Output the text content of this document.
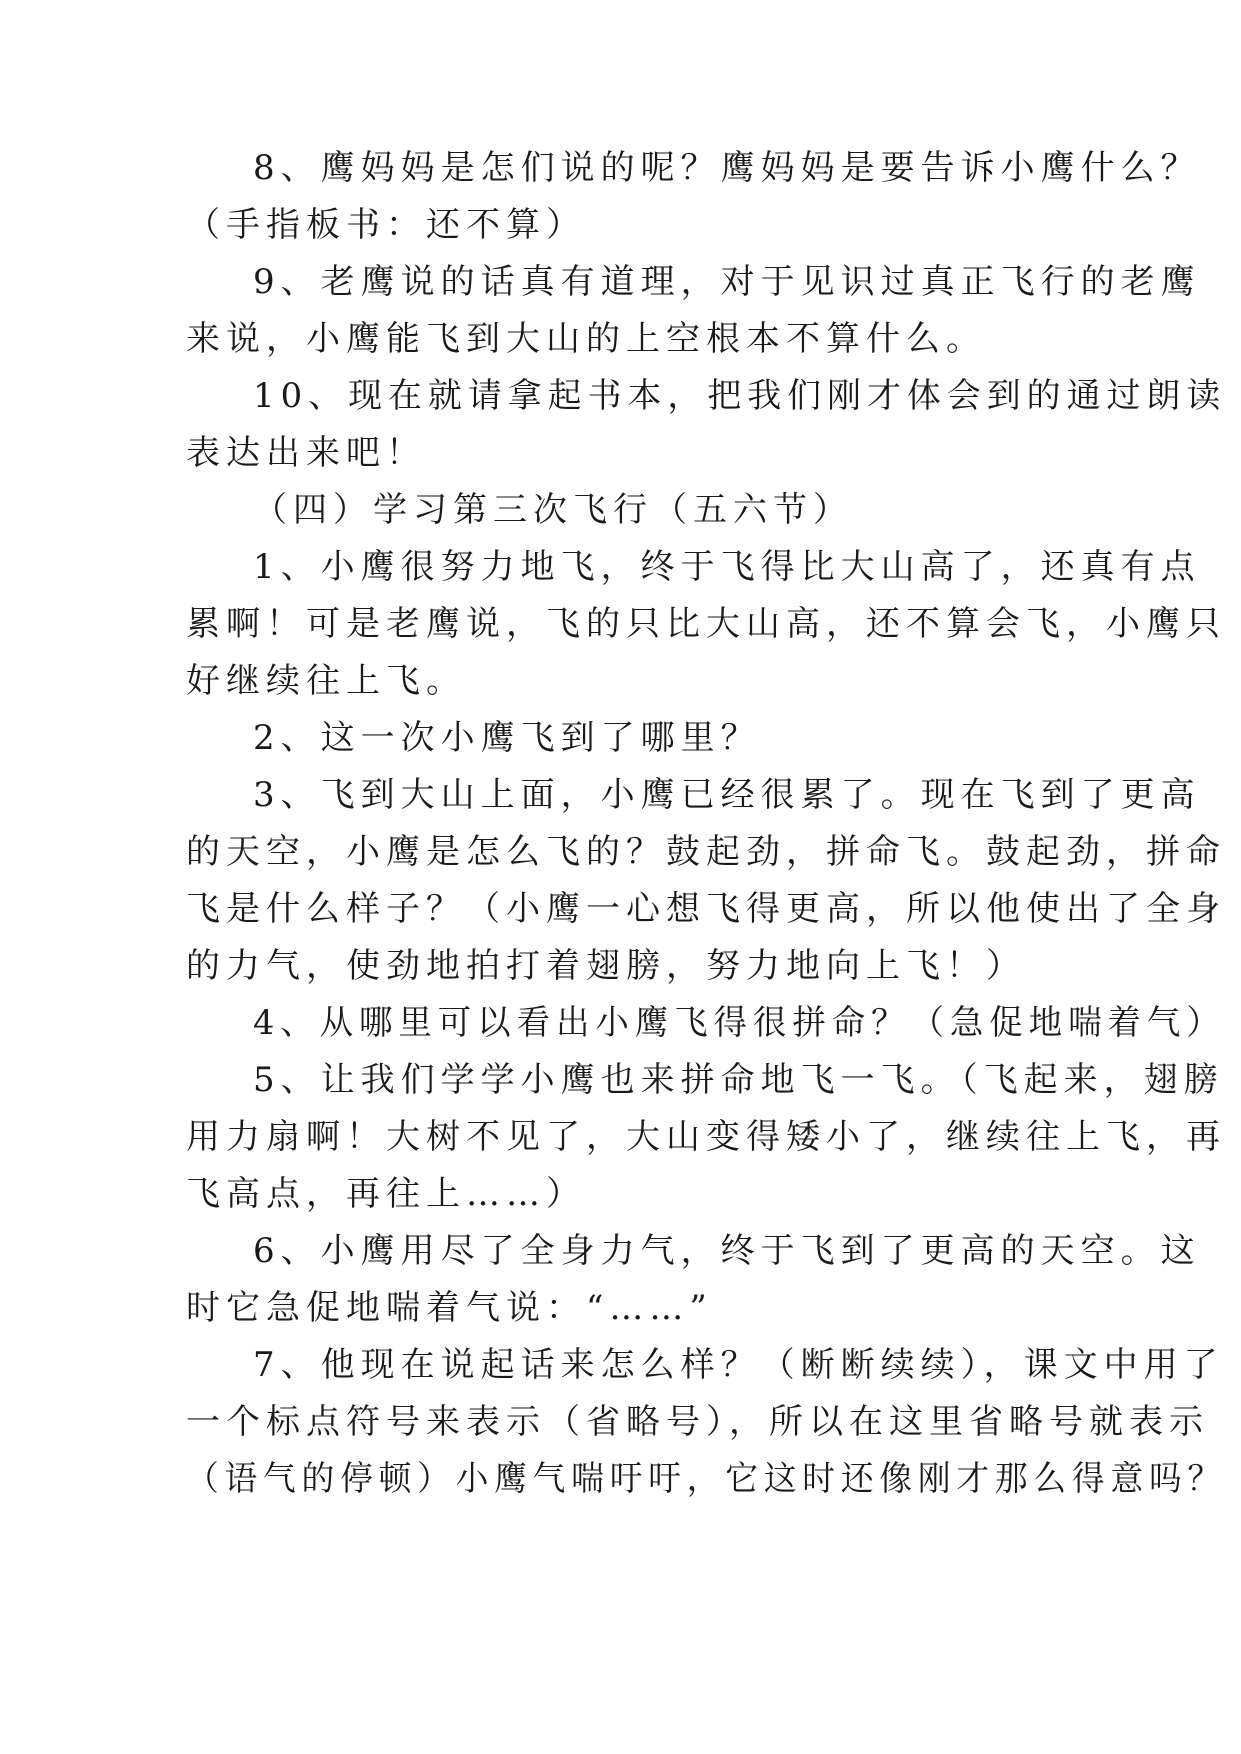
8、鹰妈妈是怎们说的呢？鹰妈妈是要告诉小鹰什么？
（手指板书：还不算）
9、老鹰说的话真有道理，对于见识过真正飞行的老鹰
来说，小鹰能飞到大山的上空根本不算什么。
10、现在就请拿起书本，把我们刚才体会到的通过朗读
表达出来吧！
（四）学习第三次飞行（五六节）
1、小鹰很努力地飞，终于飞得比大山高了，还真有点
累啊！可是老鹰说，飞的只比大山高，还不算会飞，小鹰只
好继续往上飞。
2、这一次小鹰飞到了哪里？
3、飞到大山上面，小鹰已经很累了。现在飞到了更高
的天空，小鹰是怎么飞的？鼓起劲，拼命飞。鼓起劲，拼命
飞是什么样子？（小鹰一心想飞得更高，所以他使出了全身
的力气，使劲地拍打着翅膀，努力地向上飞！）
4、从哪里可以看出小鹰飞得很拼命？（急促地喘着气）
5、让我们学学小鹰也来拼命地飞一飞。（飞起来，翅膀
用力扇啊！大树不见了，大山变得矮小了，继续往上飞，再
飞高点，再往上……）
6、小鹰用尽了全身力气，终于飞到了更高的天空。这
时它急促地喘着气说：“……”
7、他现在说起话来怎么样？（断断续续），课文中用了
一个标点符号来表示（省略号），所以在这里省略号就表示
（语气的停顿）小鹰气喘吁吁，它这时还像刚才那么得意吗？
